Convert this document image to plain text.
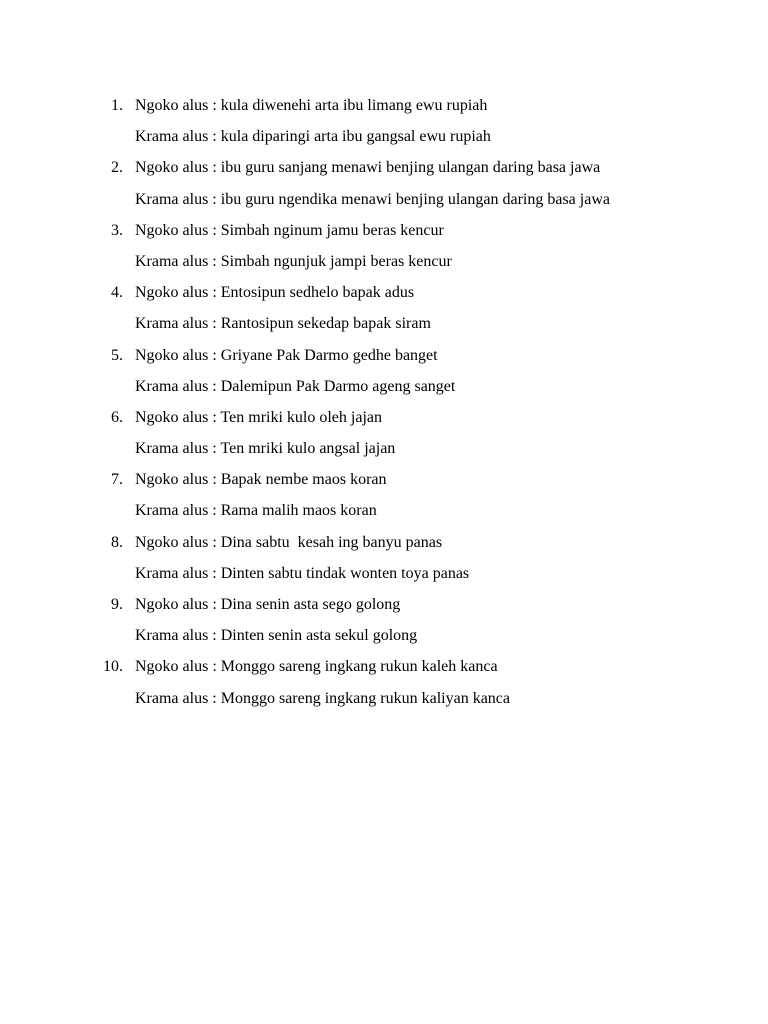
1. Ngoko alus : kula diwenehi arta ibu limang ewu rupiah
Krama alus : kula diparingi arta ibu gangsal ewu rupiah
2. Ngoko alus : ibu guru sanjang menawi benjing ulangan daring basa jawa
Krama alus : ibu guru ngendika menawi benjing ulangan daring basa jawa
3. Ngoko alus : Simbah nginum jamu beras kencur
Krama alus : Simbah ngunjuk jampi beras kencur
4. Ngoko alus : Entosipun sedhelo bapak adus
Krama alus : Rantosipun sekedap bapak siram
5. Ngoko alus : Griyane Pak Darmo gedhe banget
Krama alus : Dalemipun Pak Darmo ageng sanget
6. Ngoko alus : Ten mriki kulo oleh jajan
Krama alus : Ten mriki kulo angsal jajan
7. Ngoko alus : Bapak nembe maos koran
Krama alus : Rama malih maos koran
8. Ngoko alus : Dina sabtu  kesah ing banyu panas
Krama alus : Dinten sabtu tindak wonten toya panas
9. Ngoko alus : Dina senin asta sego golong
Krama alus : Dinten senin asta sekul golong
10. Ngoko alus : Monggo sareng ingkang rukun kaleh kanca
Krama alus : Monggo sareng ingkang rukun kaliyan kanca
